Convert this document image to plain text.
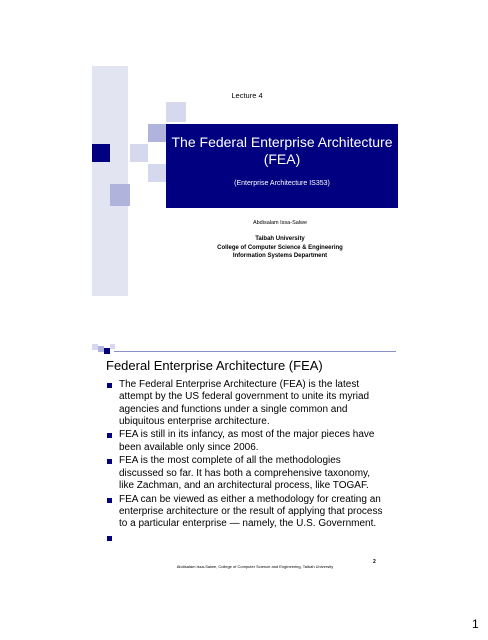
Lecture 4
The Federal Enterprise Architecture (FEA)
(Enterprise Architecture IS353)
Abdisalam Issa-Salwe
Taibah University
College of Computer Science & Engineering
Information Systems Department
Federal Enterprise Architecture (FEA)
The Federal Enterprise Architecture (FEA) is the latest attempt by the US federal government to unite its myriad agencies and functions under a single common and ubiquitous enterprise architecture.
FEA is still in its infancy, as most of the major pieces have been available only since 2006.
FEA is the most complete of all the methodologies discussed so far. It has both a comprehensive taxonomy, like Zachman, and an architectural process, like TOGAF.
FEA can be viewed as either a methodology for creating an enterprise architecture or the result of applying that process to a particular enterprise — namely, the U.S. Government.
2
Abdisalam Issa-Salwe, College of Computer Science and Engineering, Taibah University
1
